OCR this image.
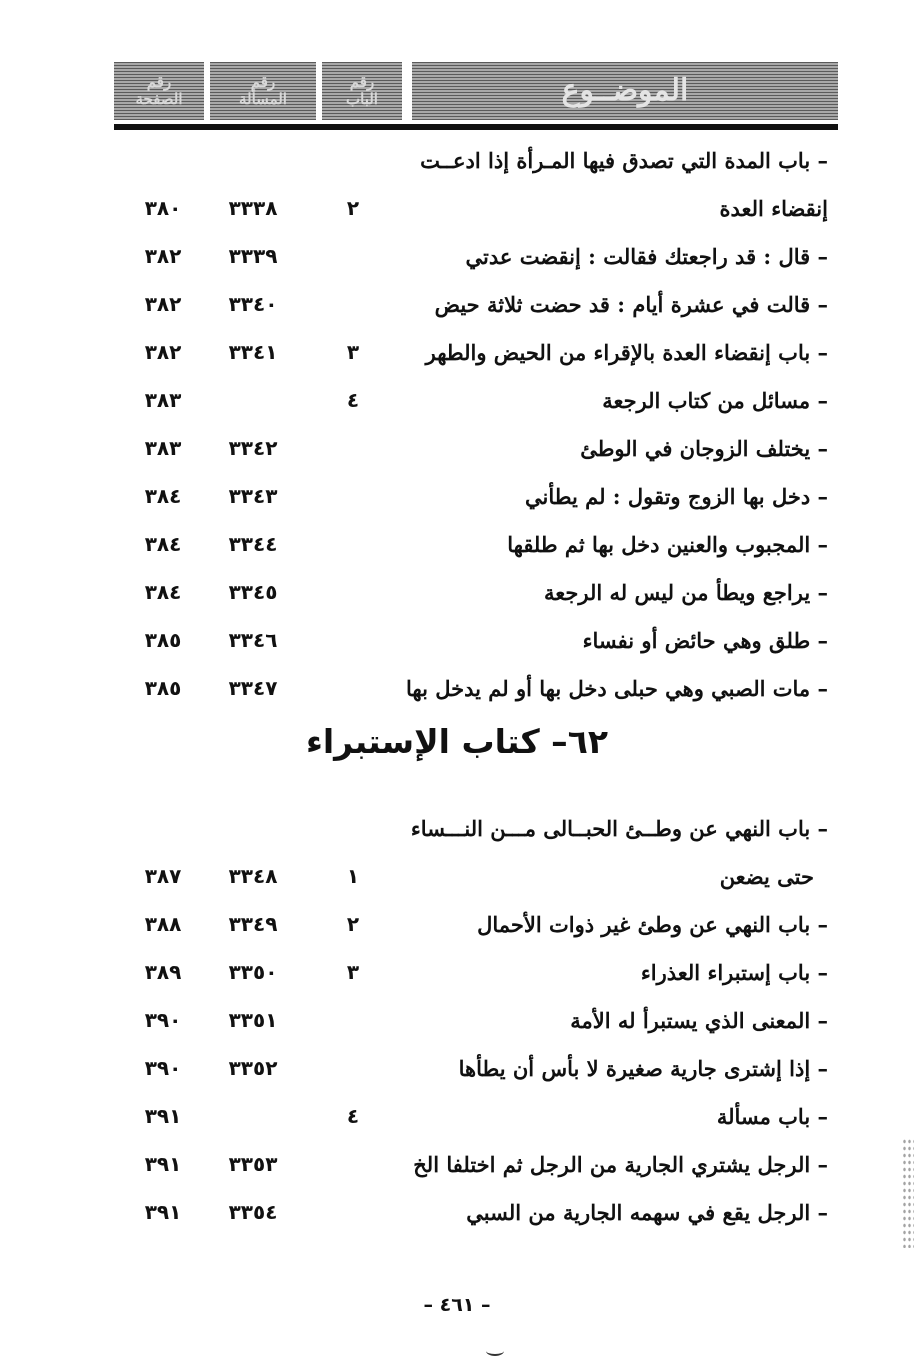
رقم
الصفحة
رقم
المسألة
رقم
الباب	الموضــوع
– باب المدة التي تصدق فيها المـرأة إذا ادعــت
إنقضاء العدة
٢
٣٣٣٨
٣٨٠
– قال : قد راجعتك فقالت : إنقضت عدتي
٣٣٣٩
٣٨٢
– قالت في عشرة أيام : قد حضت ثلاثة حيض
٣٣٤٠
٣٨٢
– باب إنقضاء العدة بالإقراء من الحيض والطهر
٣
٣٣٤١
٣٨٢
– مسائل من كتاب الرجعة
٤
٣٨٣
– يختلف الزوجان في الوطئ
٣٣٤٢
٣٨٣
– دخل بها الزوج وتقول : لم يطأني
٣٣٤٣
٣٨٤
– المجبوب والعنين دخل بها ثم طلقها
٣٣٤٤
٣٨٤
– يراجع ويطأ من ليس له الرجعة
٣٣٤٥
٣٨٤
– طلق وهي حائض أو نفساء
٣٣٤٦
٣٨٥
– مات الصبي وهي حبلى دخل بها أو لم يدخل بها
٣٣٤٧
٣٨٥
– باب النهي عن وطــئ الحبــالى مـــن النـــساء
حتى يضعن
١
٣٣٤٨
٣٨٧
– باب النهي عن وطئ غير ذوات الأحمال
٢
٣٣٤٩
٣٨٨
– باب إستبراء العذراء
٣
٣٣٥٠
٣٨٩
– المعنى الذي يستبرأ له الأمة
٣٣٥١
٣٩٠
– إذا إشترى جارية صغيرة لا بأس أن يطأها
٣٣٥٢
٣٩٠
– باب مسألة
٤
٣٩١
– الرجل يشتري الجارية من الرجل ثم اختلفا الخ
٣٣٥٣
٣٩١
– الرجل يقع في سهمه الجارية من السبي
٣٣٥٤
٣٩١
٦٢– كتاب الإستبراء
– ٤٦١ –
